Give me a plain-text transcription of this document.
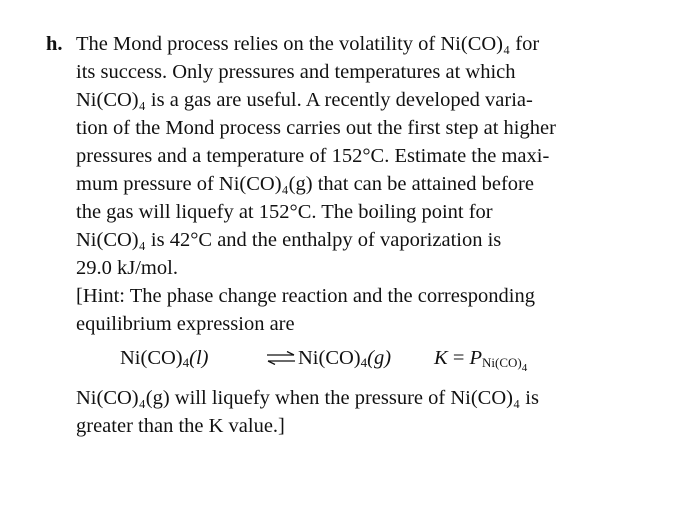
h. The Mond process relies on the volatility of Ni(CO)₄ for
its success. Only pressures and temperatures at which
Ni(CO)₄ is a gas are useful. A recently developed varia-
tion of the Mond process carries out the first step at higher
pressures and a temperature of 152°C. Estimate the maxi-
mum pressure of Ni(CO)₄(g) that can be attained before
the gas will liquefy at 152°C. The boiling point for
Ni(CO)₄ is 42°C and the enthalpy of vaporization is
29.0 kJ/mol.
[Hint: The phase change reaction and the corresponding
equilibrium expression are
$Ni(CO)_4(l)$	⇌ $Ni(CO)_4(g) K = P_{Ni(CO)_4}$
Ni(CO)₄(g) will liquefy when the pressure of Ni(CO)₄ is
greater than the K value.]
